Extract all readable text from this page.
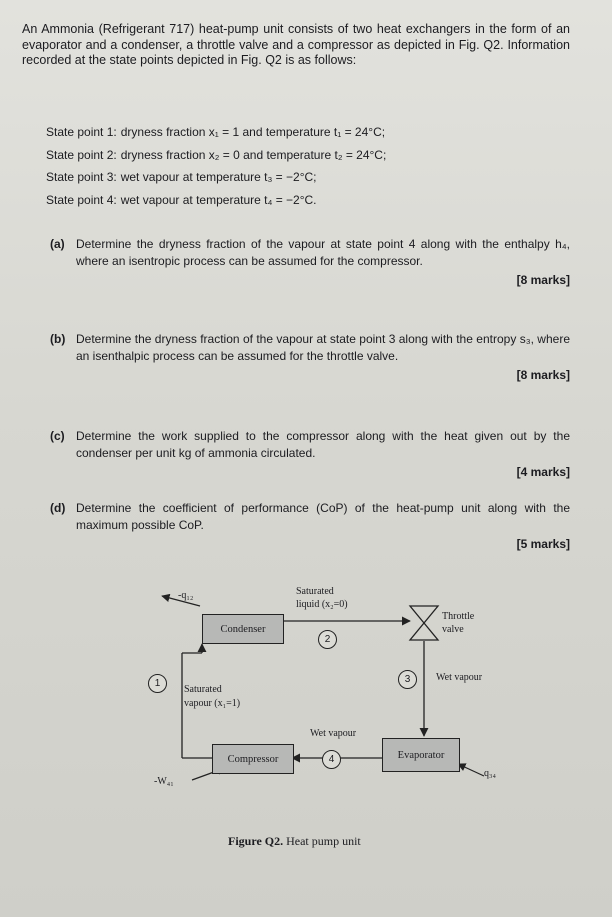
An Ammonia (Refrigerant 717) heat-pump unit consists of two heat exchangers in the form of an evaporator and a condenser, a throttle valve and a compressor as depicted in Fig. Q2. Information recorded at the state points depicted in Fig. Q2 is as follows:

State point 1: dryness fraction x₁ = 1 and temperature t₁ = 24°C;
State point 2: dryness fraction x₂ = 0 and temperature t₂ = 24°C;
State point 3: wet vapour at temperature t₃ = −2°C;
State point 4: wet vapour at temperature t₄ = −2°C.
(a) Determine the dryness fraction of the vapour at state point 4 along with the enthalpy h₄, where an isentropic process can be assumed for the compressor.
[8 marks]
(b) Determine the dryness fraction of the vapour at state point 3 along with the entropy s₃, where an isenthalpic process can be assumed for the throttle valve.
[8 marks]
(c) Determine the work supplied to the compressor along with the heat given out by the condenser per unit kg of ammonia circulated.
[4 marks]
(d) Determine the coefficient of performance (CoP) of the heat-pump unit along with the maximum possible CoP.
[5 marks]
Condenser
Compressor	Evaporator
-q₁₂	Saturated
liquid (x₂=0)
Throttle
valve
Saturated
vapour (x₁=1)
Wet vapour
Wet vapour
-W₄₁
q₃₄
1
2
3
4
Figure Q2. Heat pump unit
